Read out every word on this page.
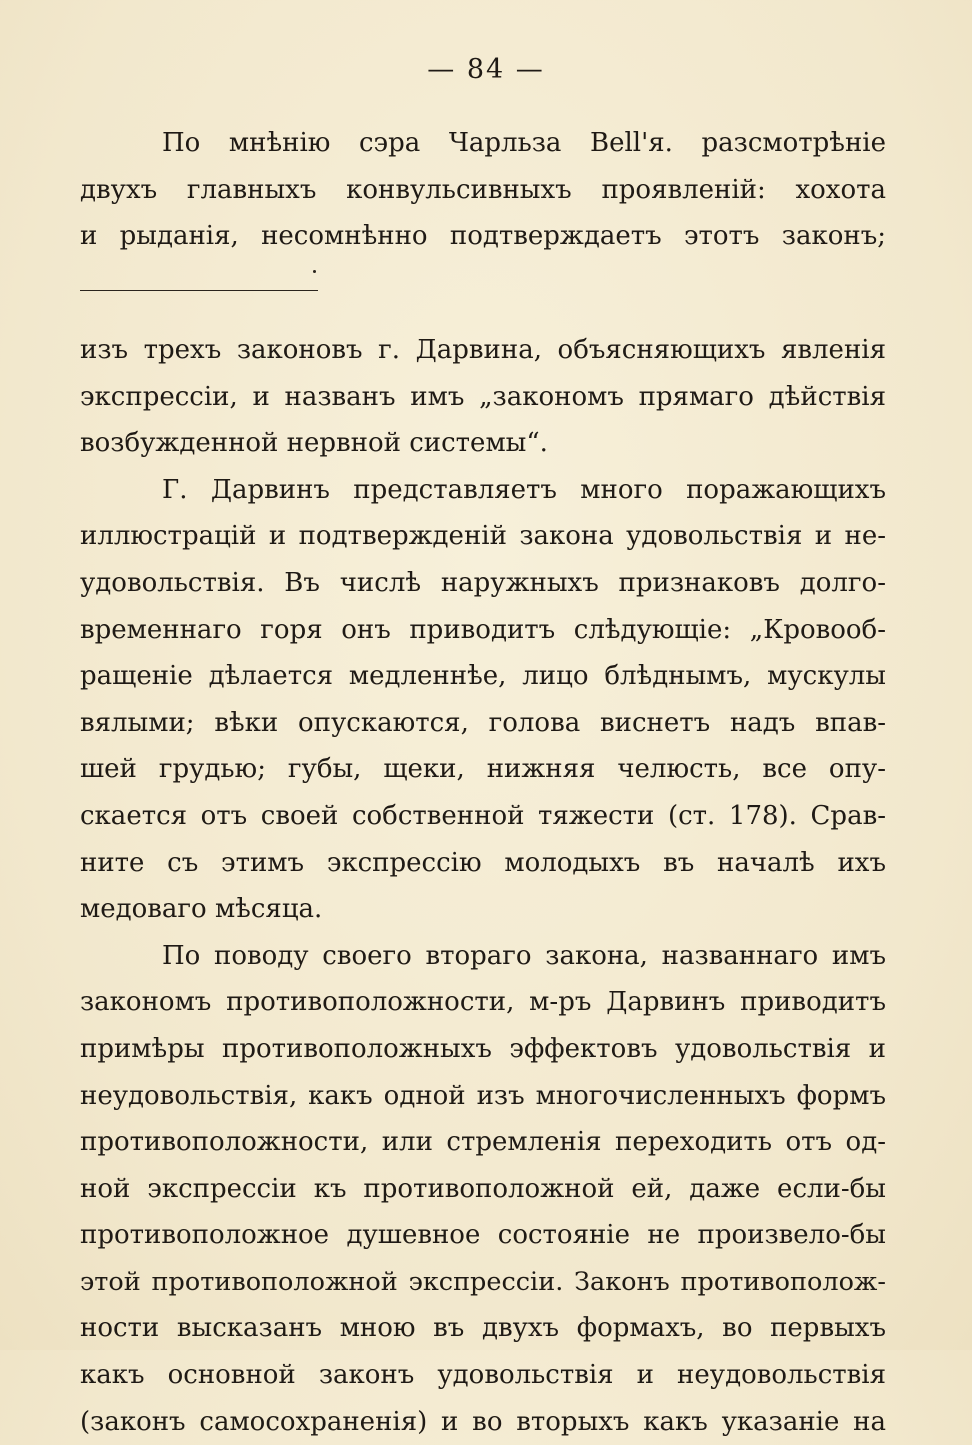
— 84 —
По мнѣнію сэра Чарльза Bell'я. разсмотрѣніе
двухъ главныхъ конвульсивныхъ проявленій: хохота
и рыданія, несомнѣнно подтверждаетъ этотъ законъ;
изъ трехъ законовъ г. Дарвина, объясняющихъ явленія
экспрессіи, и названъ имъ „закономъ прямаго дѣйствія
возбужденной нервной системы“.
Г. Дарвинъ представляетъ много поражающихъ
иллюстрацій и подтвержденій закона удовольствія и не-
удовольствія. Въ числѣ наружныхъ признаковъ долго-
временнаго горя онъ приводитъ слѣдующіе: „Кровооб-
ращеніе дѣлается медленнѣе, лицо блѣднымъ, мускулы
вялыми; вѣки опускаются, голова виснетъ надъ впав-
шей грудью; губы, щеки, нижняя челюсть, все опу-
скается отъ своей собственной тяжести (ст. 178). Срав-
ните съ этимъ экспрессію молодыхъ въ началѣ ихъ
медоваго мѣсяца.
По поводу своего втораго закона, названнаго имъ
закономъ противоположности, м-ръ Дарвинъ приводитъ
примѣры противоположныхъ эффектовъ удовольствія и
неудовольствія, какъ одной изъ многочисленныхъ формъ
противоположности, или стремленія переходить отъ од-
ной экспрессіи къ противоположной ей, даже если-бы
противоположное душевное состояніе не произвело-бы
этой противоположной экспрессіи. Законъ противополож-
ности высказанъ мною въ двухъ формахъ, во первыхъ
какъ основной законъ удовольствія и неудовольствія
(законъ самосохраненія) и во вторыхъ какъ указаніе на
